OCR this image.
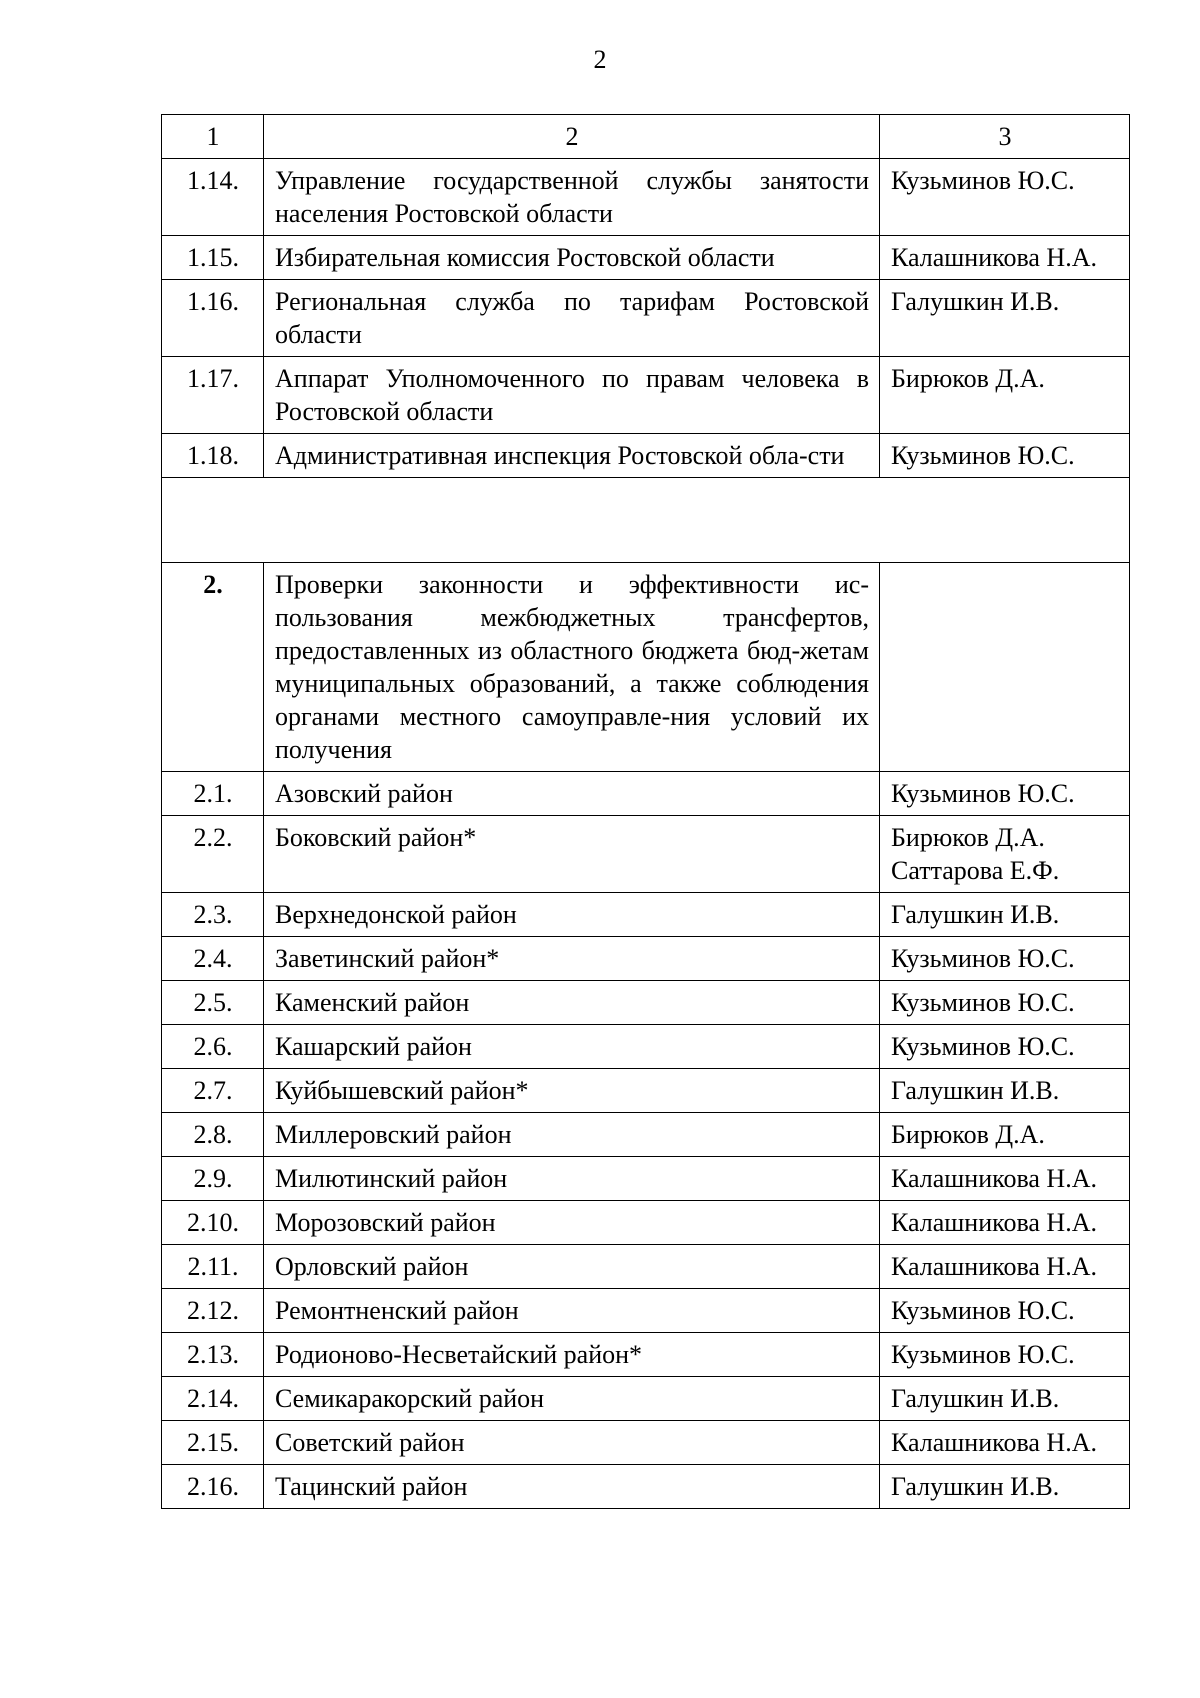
2
1	2	3
1.14.	Управление государственной службы занятости населения Ростовской области	Кузьминов Ю.С.

1.15.	Избирательная комиссия Ростовской области	Калашникова Н.А.

1.16.	Региональная служба по тарифам Ростовской области	Галушкин И.В.

1.17.	Аппарат Уполномоченного по правам человека в Ростовской области	Бирюков Д.А.

1.18.	Административная инспекция Ростовской обла-сти	Кузьминов Ю.С.

2.	Проверки законности и эффективности ис-пользования межбюджетных трансфертов, предоставленных из областного бюджета бюд-жетам муниципальных образований, а также соблюдения органами местного самоуправле-ния условий их получения	
2.1.	Азовский район	Кузьминов Ю.С.

2.2.	Боковский район*	Бирюков Д.А.
Саттарова Е.Ф.

2.3.	Верхнедонской район	Галушкин И.В.

2.4.	Заветинский район*	Кузьминов Ю.С.

2.5.	Каменский район	Кузьминов Ю.С.

2.6.	Кашарский район	Кузьминов Ю.С.

2.7.	Куйбышевский район*	Галушкин И.В.

2.8.	Миллеровский район	Бирюков Д.А.

2.9.	Милютинский район	Калашникова Н.А.

2.10.	Морозовский район	Калашникова Н.А.

2.11.	Орловский район	Калашникова Н.А.

2.12.	Ремонтненский район	Кузьминов Ю.С.

2.13.	Родионово-Несветайский район*	Кузьминов Ю.С.

2.14.	Семикаракорский район	Галушкин И.В.

2.15.	Советский район	Калашникова Н.А.

2.16.	Тацинский район	Галушкин И.В.
